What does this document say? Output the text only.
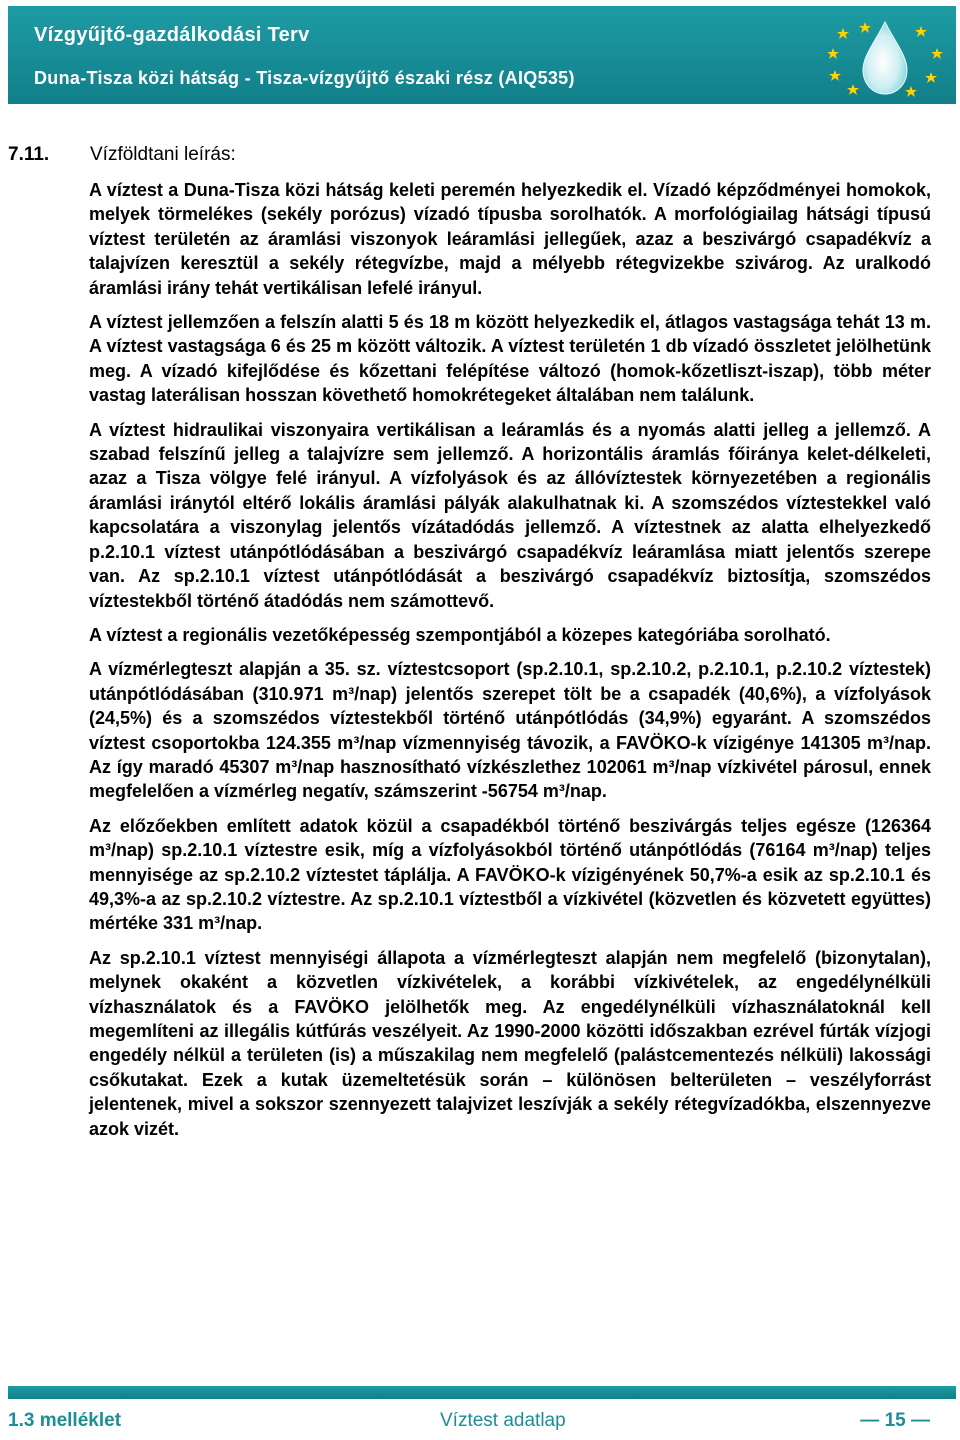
Vízgyűjtő-gazdálkodási Terv
Duna-Tisza közi hátság - Tisza-vízgyűjtő északi rész (AIQ535)
7.11. Vízföldtani leírás:

A víztest a Duna-Tisza közi hátság keleti peremén helyezkedik el. Vízadó képződményei homokok, melyek törmelékes (sekély porózus) vízadó típusba sorolhatók. A morfológiailag hátsági típusú víztest területén az áramlási viszonyok leáramlási jellegűek, azaz a beszivárgó csapadékvíz a talajvízen keresztül a sekély rétegvízbe, majd a mélyebb rétegvizekbe szivárog. Az uralkodó áramlási irány tehát vertikálisan lefelé irányul.

A víztest jellemzően a felszín alatti 5 és 18 m között helyezkedik el, átlagos vastagsága tehát 13 m. A víztest vastagsága 6 és 25 m között változik. A víztest területén 1 db vízadó összletet jelölhetünk meg. A vízadó kifejlődése és kőzettani felépítése változó (homok-kőzetliszt-iszap), több méter vastag laterálisan hosszan követhető homokrétegeket általában nem találunk.

A víztest hidraulikai viszonyaira vertikálisan a leáramlás és a nyomás alatti jelleg a jellemző. A szabad felszínű jelleg a talajvízre sem jellemző. A horizontális áramlás főiránya kelet-délkeleti, azaz a Tisza völgye felé irányul. A vízfolyások és az állóvíztestek környezetében a regionális áramlási iránytól eltérő lokális áramlási pályák alakulhatnak ki. A szomszédos víztestekkel való kapcsolatára a viszonylag jelentős vízátadódás jellemző. A víztestnek az alatta elhelyezkedő p.2.10.1 víztest utánpótlódásában a beszivárgó csapadékvíz leáramlása miatt jelentős szerepe van. Az sp.2.10.1 víztest utánpótlódását a beszivárgó csapadékvíz biztosítja, szomszédos víztestekből történő átadódás nem számottevő.

A víztest a regionális vezetőképesség szempontjából a közepes kategóriába sorolható.

A vízmérlegteszt alapján a 35. sz. víztestcsoport (sp.2.10.1, sp.2.10.2, p.2.10.1, p.2.10.2 víztestek) utánpótlódásában (310.971 m³/nap) jelentős szerepet tölt be a csapadék (40,6%), a vízfolyások (24,5%) és a szomszédos víztestekből történő utánpótlódás (34,9%) egyaránt. A szomszédos víztest csoportokba 124.355 m³/nap vízmennyiség távozik, a FAVÖKO-k vízigénye 141305 m³/nap. Az így maradó 45307 m³/nap hasznosítható vízkészlethez 102061 m³/nap vízkivétel párosul, ennek megfelelően a vízmérleg negatív, számszerint -56754 m³/nap.

Az előzőekben említett adatok közül a csapadékból történő beszivárgás teljes egésze (126364 m³/nap) sp.2.10.1 víztestre esik, míg a vízfolyásokból történő utánpótlódás (76164 m³/nap) teljes mennyisége az sp.2.10.2 víztestet táplálja. A FAVÖKO-k vízigényének 50,7%-a esik az sp.2.10.1 és 49,3%-a az sp.2.10.2 víztestre. Az sp.2.10.1 víztestből a vízkivétel (közvetlen és közvetett együttes) mértéke 331 m³/nap.

Az sp.2.10.1 víztest mennyiségi állapota a vízmérlegteszt alapján nem megfelelő (bizonytalan), melynek okaként a közvetlen vízkivételek, a korábbi vízkivételek, az engedélynélküli vízhasználatok és a FAVÖKO jelölhetők meg. Az engedélynélküli vízhasználatoknál kell megemlíteni az illegális kútfúrás veszélyeit. Az 1990-2000 közötti időszakban ezrével fúrták vízjogi engedély nélkül a területen (is) a műszakilag nem megfelelő (palástcementezés nélküli) lakossági csőkutakat. Ezek a kutak üzemeltetésük során – különösen belterületen – veszélyforrást jelentenek, mivel a sokszor szennyezett talajvizet leszívják a sekély rétegvízadókba, elszennyezve azok vizét.

1.3 melléklet	Víztest adatlap	— 15 —
